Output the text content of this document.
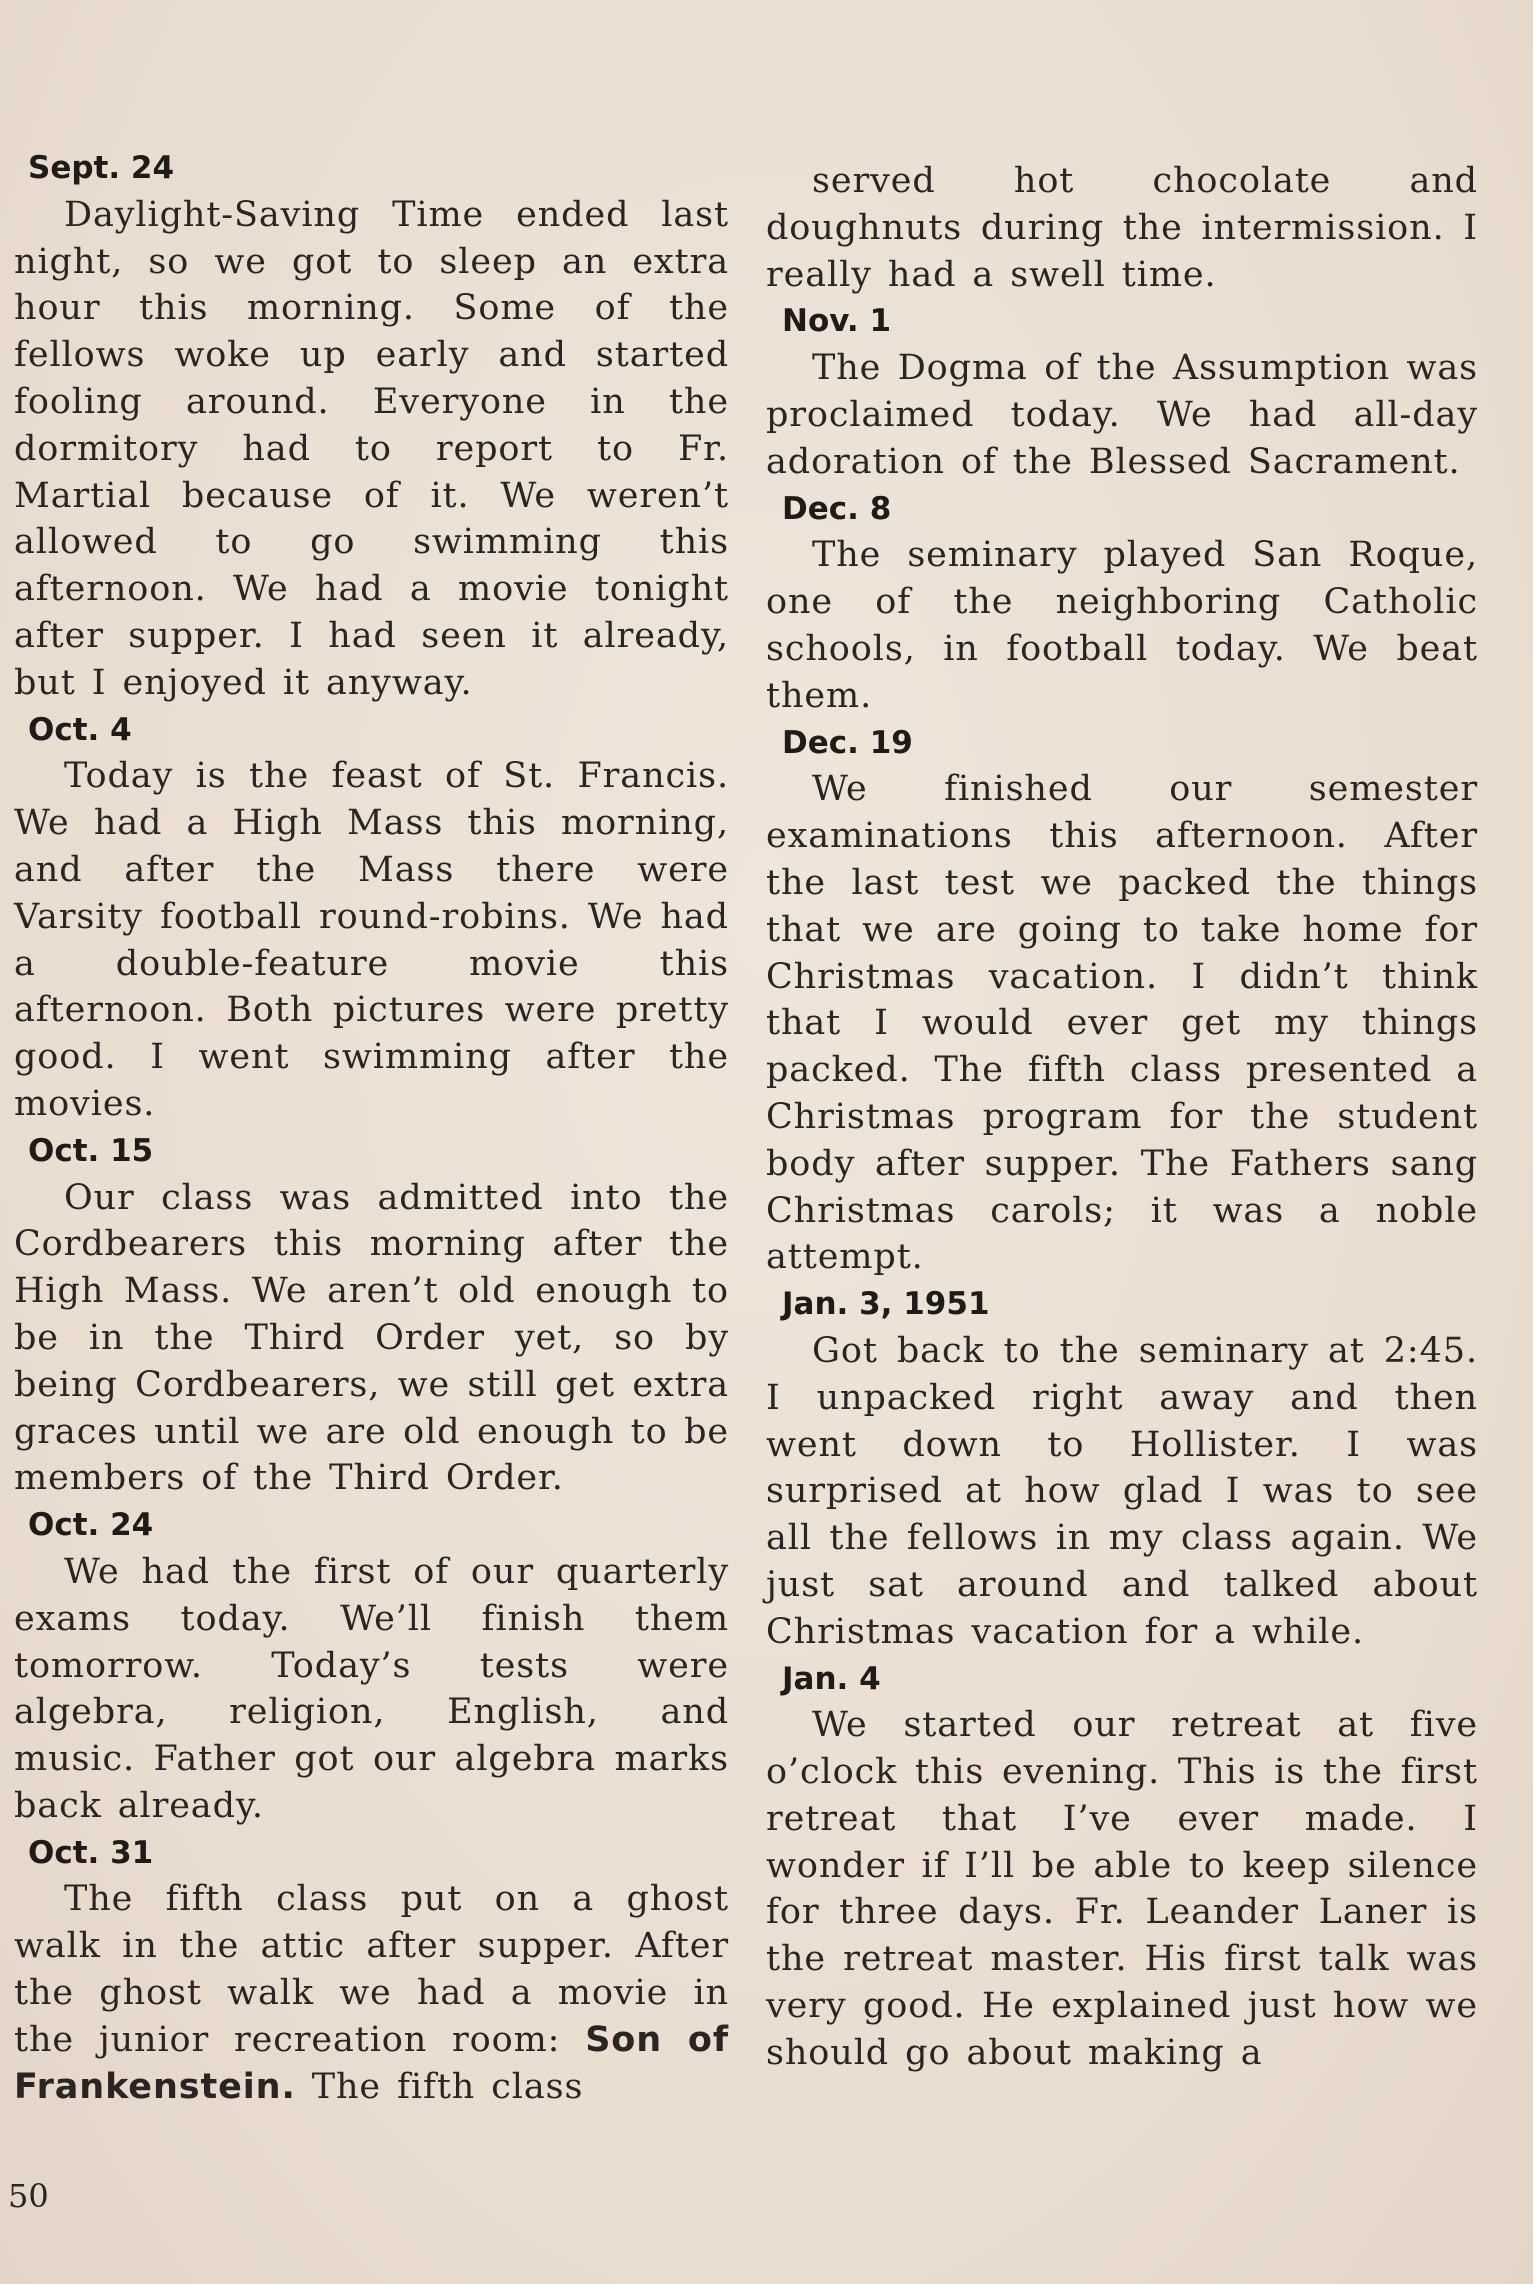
Sept. 24

Daylight-Saving Time ended last night, so we got to sleep an extra hour this morning. Some of the fellows woke up early and started fooling around. Everyone in the dormitory had to report to Fr. Martial because of it. We weren’t allowed to go swimming this afternoon. We had a movie tonight after supper. I had seen it already, but I enjoyed it anyway.

Oct. 4

Today is the feast of St. Francis. We had a High Mass this morning, and after the Mass there were Varsity football round-robins. We had a double-feature movie this afternoon. Both pictures were pretty good. I went swimming after the movies.

Oct. 15

Our class was admitted into the Cordbearers this morning after the High Mass. We aren’t old enough to be in the Third Order yet, so by being Cordbearers, we still get extra graces until we are old enough to be members of the Third Order.

Oct. 24

We had the first of our quarterly exams today. We’ll finish them tomorrow. Today’s tests were algebra, religion, English, and music. Father got our algebra marks back already.

Oct. 31

The fifth class put on a ghost walk in the attic after supper. After the ghost walk we had a movie in the junior recreation room: Son of Frankenstein. The fifth class

served hot chocolate and doughnuts during the intermission. I really had a swell time.

Nov. 1

The Dogma of the Assumption was proclaimed today. We had all-day adoration of the Blessed Sacrament.

Dec. 8

The seminary played San Roque, one of the neighboring Catholic schools, in football today. We beat them.

Dec. 19

We finished our semester examinations this afternoon. After the last test we packed the things that we are going to take home for Christmas vacation. I didn’t think that I would ever get my things packed. The fifth class presented a Christmas program for the student body after supper. The Fathers sang Christmas carols; it was a noble attempt.

Jan. 3, 1951

Got back to the seminary at 2:45. I unpacked right away and then went down to Hollister. I was surprised at how glad I was to see all the fellows in my class again. We just sat around and talked about Christmas vacation for a while.

Jan. 4

We started our retreat at five o’clock this evening. This is the first retreat that I’ve ever made. I wonder if I’ll be able to keep silence for three days. Fr. Leander Laner is the retreat master. His first talk was very good. He explained just how we should go about making a

50
